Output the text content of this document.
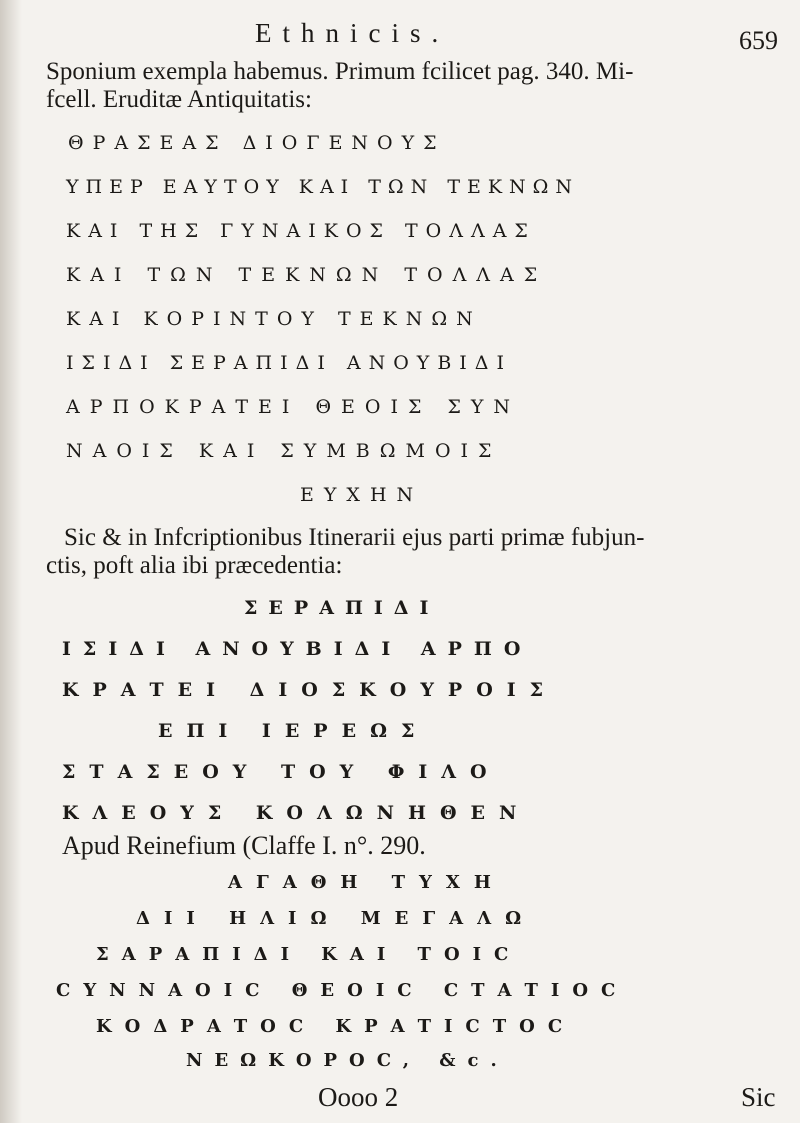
Ethnicis.	659

Sponium exempla habemus. Primum fcilicet pag. 340. Mi-

fcell. Eruditæ Antiquitatis:

ΘΡΑΣΕΑΣ ΔΙΟΓΕΝΟΥΣ

ΥΠΕΡ ΕΑΥΤΟΥ ΚΑΙ ΤΩΝ ΤΕΚΝΩΝ

ΚΑΙ ΤΗΣ ΓΥΝΑΙΚΟΣ ΤΟΛΛΑΣ

ΚΑΙ ΤΩΝ ΤΕΚΝΩΝ ΤΟΛΛΑΣ

ΚΑΙ ΚΟΡΙΝΤΟΥ ΤΕΚΝΩΝ

ΙΣΙΔΙ ΣΕΡΑΠΙΔΙ ΑΝΟΥΒΙΔΙ

ΑΡΠΟΚΡΑΤΕΙ ΘΕΟΙΣ ΣΥΝ

ΝΑΟΙΣ ΚΑΙ ΣΥΜΒΩΜΟΙΣ

ΕΥΧΗΝ

Sic & in Infcriptionibus Itinerarii ejus parti primæ fubjun-

ctis, poft alia ibi præcedentia:

ΣΕΡΑΠΙΔΙ

ΙΣΙΔΙ ΑΝΟΥΒΙΔΙ ΑΡΠΟ

ΚΡΑΤΕΙ ΔΙΟΣΚΟΥΡΟΙΣ

ΕΠΙ ΙΕΡΕΩΣ

ΣΤΑΣΕΟΥ ΤΟΥ ΦΙΛΟ

ΚΛΕΟΥΣ ΚΟΛΩΝΗΘΕΝ

Apud Reinefium (Claffe I. n°. 290.

ΑΓΑΘΗ ΤΥΧΗ

ΔΙΙ ΗΛΙΩ ΜΕΓΑΛΩ

ΣΑΡΑΠΙΔΙ ΚΑΙ ΤΟΙC

CΥΝΝΑΟΙC ΘΕΟΙC CΤΑΤΙΟC

ΚΟΔΡΑΤΟC ΚΡΑΤΙCΤΟC

ΝΕΩΚΟΡΟC, &c.

Oooo 2	Sic
